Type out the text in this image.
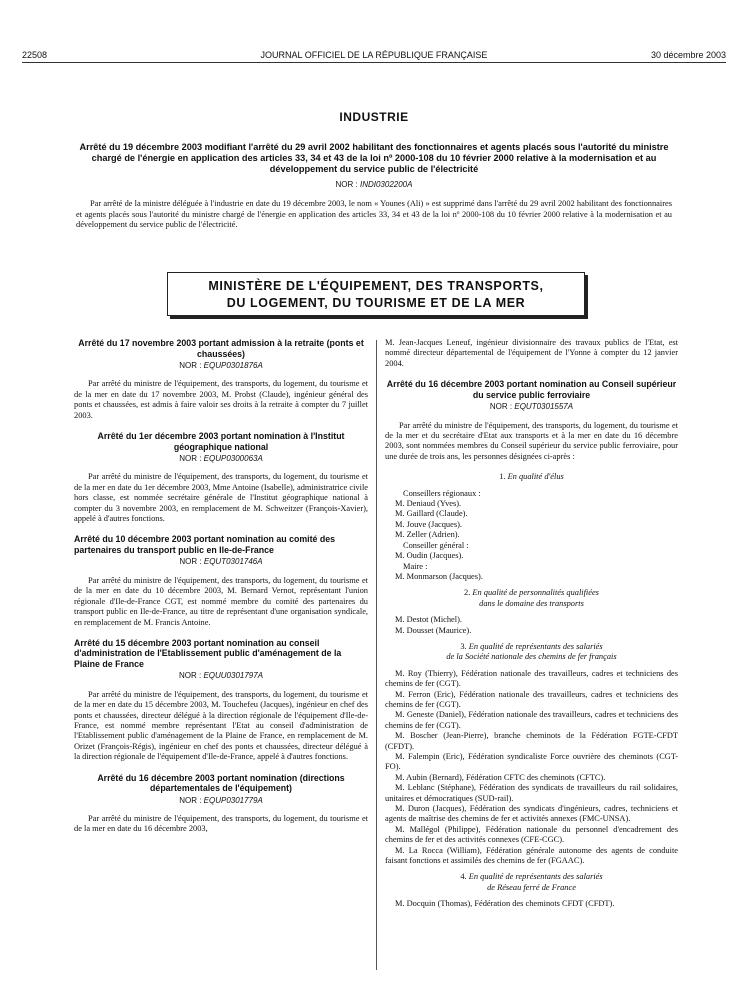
22508	JOURNAL OFFICIEL DE LA RÉPUBLIQUE FRANÇAISE	30 décembre 2003
INDUSTRIE
Arrêté du 19 décembre 2003 modifiant l'arrêté du 29 avril 2002 habilitant des fonctionnaires et agents placés sous l'autorité du ministre chargé de l'énergie en application des articles 33, 34 et 43 de la loi nº 2000-108 du 10 février 2000 relative à la modernisation et au développement du service public de l'électricité
NOR : INDI0302200A

Par arrêté de la ministre déléguée à l'industrie en date du 19 décembre 2003, le nom « Younes (Ali) » est supprimé dans l'arrêté du 29 avril 2002 habilitant des fonctionnaires et agents placés sous l'autorité du ministre chargé de l'énergie en application des articles 33, 34 et 43 de la loi nº 2000-108 du 10 février 2000 relative à la modernisation et au développement du service public de l'électricité.

MINISTÈRE DE L'ÉQUIPEMENT, DES TRANSPORTS,
DU LOGEMENT, DU TOURISME ET DE LA MER
Arrêté du 17 novembre 2003 portant admission à la retraite (ponts et chaussées)
NOR : EQUP0301876A

Par arrêté du ministre de l'équipement, des transports, du logement, du tourisme et de la mer en date du 17 novembre 2003, M. Probst (Claude), ingénieur général des ponts et chaussées, est admis à faire valoir ses droits à la retraite à compter du 7 juillet 2003.

Arrêté du 1er décembre 2003 portant nomination à l'Institut géographique national
NOR : EQUP0300063A

Par arrêté du ministre de l'équipement, des transports, du logement, du tourisme et de la mer en date du 1er décembre 2003, Mme Antoine (Isabelle), administratrice civile hors classe, est nommée secrétaire générale de l'Institut géographique national à compter du 3 novembre 2003, en remplacement de M. Schweitzer (François-Xavier), appelé à d'autres fonctions.

Arrêté du 10 décembre 2003 portant nomination au comité des partenaires du transport public en Ile-de-France
NOR : EQUT0301746A

Par arrêté du ministre de l'équipement, des transports, du logement, du tourisme et de la mer en date du 10 décembre 2003, M. Bernard Vernot, représentant l'union régionale d'Ile-de-France CGT, est nommé membre du comité des partenaires du transport public en Ile-de-France, au titre de représentant d'une organisation syndicale, en remplacement de M. Francis Antoine.

Arrêté du 15 décembre 2003 portant nomination au conseil d'administration de l'Etablissement public d'aménagement de la Plaine de France
NOR : EQUU0301797A

Par arrêté du ministre de l'équipement, des transports, du logement, du tourisme et de la mer en date du 15 décembre 2003, M. Touchefeu (Jacques), ingénieur en chef des ponts et chaussées, directeur délégué à la direction régionale de l'équipement d'Ile-de-France, est nommé membre représentant l'Etat au conseil d'administration de l'Etablissement public d'aménagement de la Plaine de France, en remplacement de M. Orizet (François-Régis), ingénieur en chef des ponts et chaussées, directeur délégué à la direction régionale de l'équipement d'Ile-de-France, appelé à d'autres fonctions.

Arrêté du 16 décembre 2003 portant nomination (directions départementales de l'équipement)
NOR : EQUP0301779A

Par arrêté du ministre de l'équipement, des transports, du logement, du tourisme et de la mer en date du 16 décembre 2003,

M. Jean-Jacques Leneuf, ingénieur divisionnaire des travaux publics de l'Etat, est nommé directeur départemental de l'équipement de l'Yonne à compter du 12 janvier 2004.

Arrêté du 16 décembre 2003 portant nomination au Conseil supérieur du service public ferroviaire
NOR : EQUT0301557A

Par arrêté du ministre de l'équipement, des transports, du logement, du tourisme et de la mer et du secrétaire d'Etat aux transports et à la mer en date du 16 décembre 2003, sont nommées membres du Conseil supérieur du service public ferroviaire, pour une durée de trois ans, les personnes désignées ci-après :

1. En qualité d'élus

Conseillers régionaux :

M. Deniaud (Yves).

M. Gaillard (Claude).

M. Jouve (Jacques).

M. Zeller (Adrien).

Conseiller général :

M. Oudin (Jacques).

Maire :

M. Monmarson (Jacques).

2. En qualité de personnalités qualifiées
dans le domaine des transports

M. Destot (Michel).

M. Dousset (Maurice).

3. En qualité de représentants des salariés
de la Société nationale des chemins de fer français

M. Roy (Thierry), Fédération nationale des travailleurs, cadres et techniciens des chemins de fer (CGT).

M. Ferron (Eric), Fédération nationale des travailleurs, cadres et techniciens des chemins de fer (CGT).

M. Geneste (Daniel), Fédération nationale des travailleurs, cadres et techniciens des chemins de fer (CGT).

M. Boscher (Jean-Pierre), branche cheminots de la Fédération FGTE-CFDT (CFDT).

M. Falempin (Eric), Fédération syndicaliste Force ouvrière des cheminots (CGT-FO).

M. Aubin (Bernard), Fédération CFTC des cheminots (CFTC).

M. Leblanc (Stéphane), Fédération des syndicats de travailleurs du rail solidaires, unitaires et démocratiques (SUD-rail).

M. Duron (Jacques), Fédération des syndicats d'ingénieurs, cadres, techniciens et agents de maîtrise des chemins de fer et activités annexes (FMC-UNSA).

M. Mallégol (Philippe), Fédération nationale du personnel d'encadrement des chemins de fer et des activités connexes (CFE-CGC).

M. La Rocca (William), Fédération générale autonome des agents de conduite faisant fonctions et assimilés des chemins de fer (FGAAC).

4. En qualité de représentants des salariés
de Réseau ferré de France

M. Docquin (Thomas), Fédération des cheminots CFDT (CFDT).
